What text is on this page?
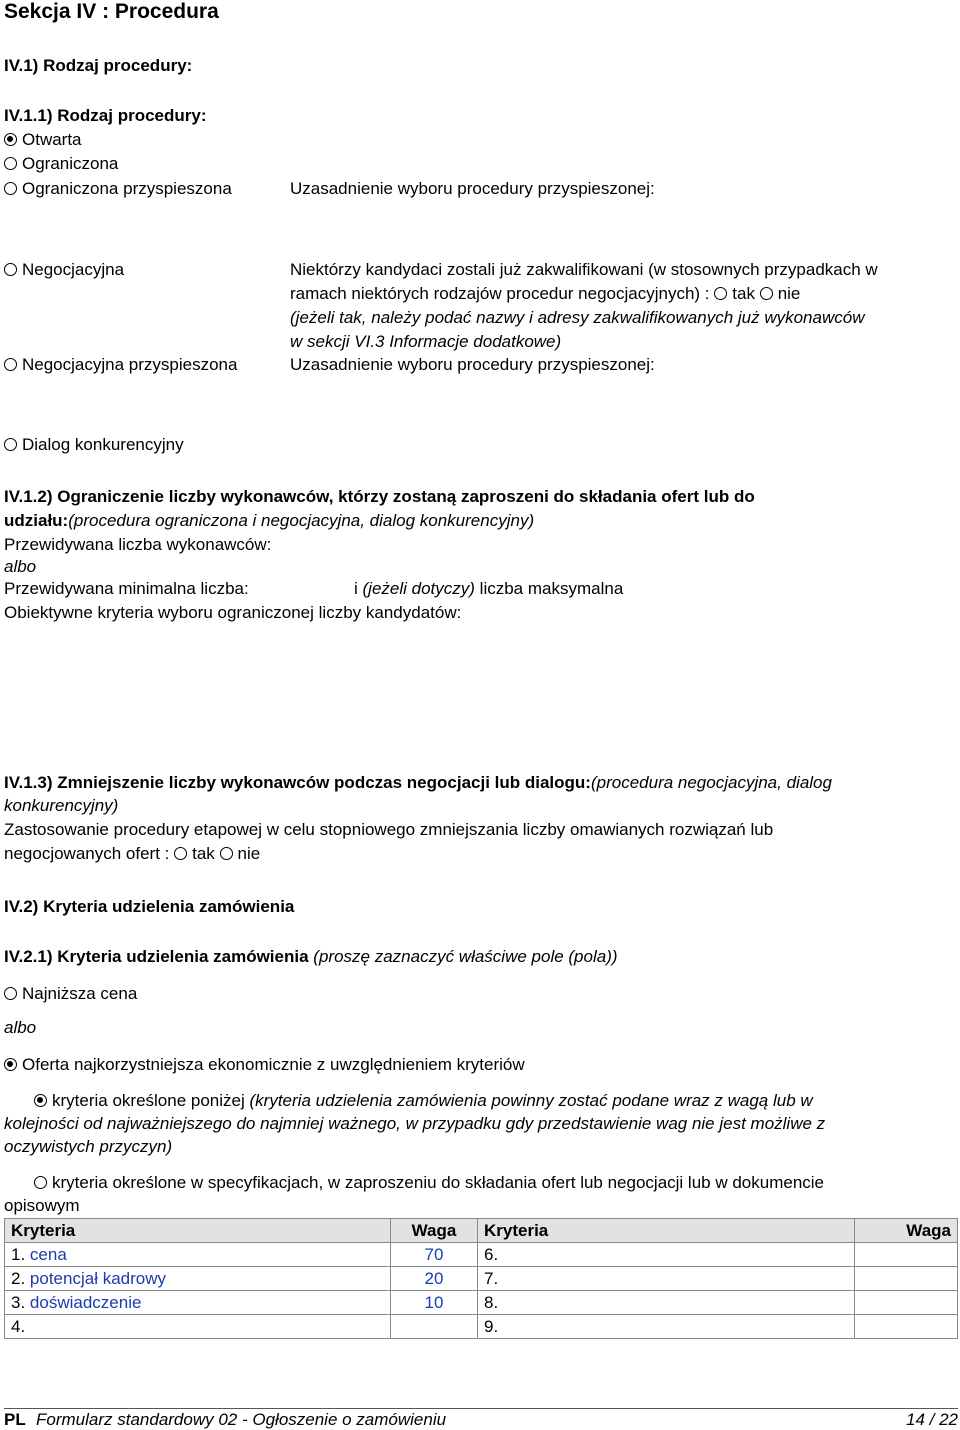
Sekcja IV : Procedura
IV.1) Rodzaj procedury:
IV.1.1) Rodzaj procedury:
Otwarta
Ograniczona
Ograniczona przyspieszona	Uzasadnienie wyboru procedury przyspieszonej:
Negocjacyjna	Niektórzy kandydaci zostali już zakwalifikowani (w stosownych przypadkach w
ramach niektórych rodzajów procedur negocjacyjnych) : tak nie
(jeżeli tak, należy podać nazwy i adresy zakwalifikowanych już wykonawców
w sekcji VI.3 Informacje dodatkowe)
Negocjacyjna przyspieszona	Uzasadnienie wyboru procedury przyspieszonej:
Dialog konkurencyjny
IV.1.2) Ograniczenie liczby wykonawców, którzy zostaną zaproszeni do składania ofert lub do
udziału:(procedura ograniczona i negocjacyjna, dialog konkurencyjny)
Przewidywana liczba wykonawców:
albo
Przewidywana minimalna liczba:	i (jeżeli dotyczy) liczba maksymalna
Obiektywne kryteria wyboru ograniczonej liczby kandydatów:
IV.1.3) Zmniejszenie liczby wykonawców podczas negocjacji lub dialogu:(procedura negocjacyjna, dialog
konkurencyjny)
Zastosowanie procedury etapowej w celu stopniowego zmniejszania liczby omawianych rozwiązań lub
negocjowanych ofert : tak nie
IV.2) Kryteria udzielenia zamówienia
IV.2.1) Kryteria udzielenia zamówienia (proszę zaznaczyć właściwe pole (pola))
Najniższa cena
albo
Oferta najkorzystniejsza ekonomicznie z uwzględnieniem kryteriów
kryteria określone poniżej (kryteria udzielenia zamówienia powinny zostać podane wraz z wagą lub w
kolejności od najważniejszego do najmniej ważnego, w przypadku gdy przedstawienie wag nie jest możliwe z
oczywistych przyczyn)
kryteria określone w specyfikacjach, w zaproszeniu do składania ofert lub negocjacji lub w dokumencie
opisowym
Kryteria	Waga	Kryteria	Waga
1. cena	70	6.	
2. potencjał kadrowy	20	7.	
3. doświadczenie	10	8.	
4.		9.	
PL Formularz standardowy 02 - Ogłoszenie o zamówieniu	14 / 22
